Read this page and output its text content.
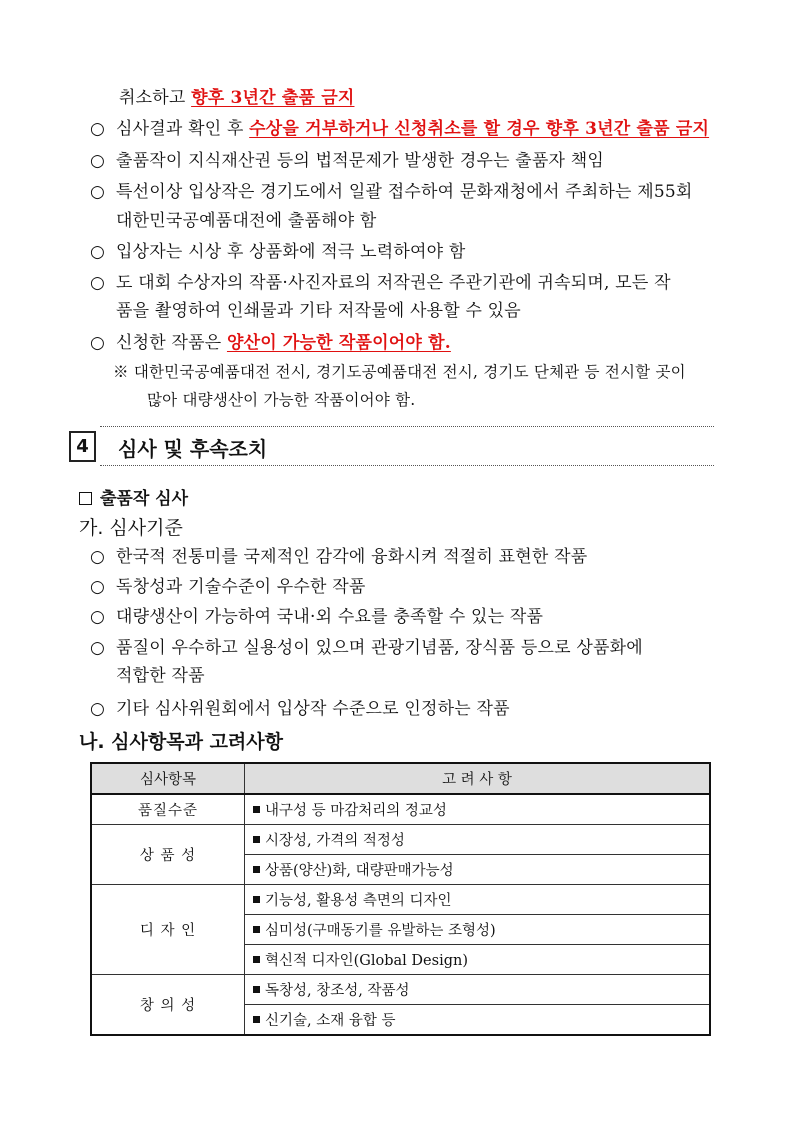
취소하고 향후 3년간 출품 금지
○ 심사결과 확인 후 수상을 거부하거나 신청취소를 할 경우 향후 3년간 출품 금지
○ 출품작이 지식재산권 등의 법적문제가 발생한 경우는 출품자 책임
○ 특선이상 입상작은 경기도에서 일괄 접수하여 문화재청에서 주최하는 제55회
대한민국공예품대전에 출품해야 함
○ 입상자는 시상 후 상품화에 적극 노력하여야 함
○ 도 대회 수상자의 작품·사진자료의 저작권은 주관기관에 귀속되며, 모든 작
품을 촬영하여 인쇄물과 기타 저작물에 사용할 수 있음
○ 신청한 작품은 양산이 가능한 작품이어야 함.
※ 대한민국공예품대전 전시, 경기도공예품대전 전시, 경기도 단체관 등 전시할 곳이
많아 대량생산이 가능한 작품이어야 함.
4	심사 및 후속조치
출품작 심사
가. 심사기준
○ 한국적 전통미를 국제적인 감각에 융화시켜 적절히 표현한 작품
○ 독창성과 기술수준이 우수한 작품
○ 대량생산이 가능하여 국내·외 수요를 충족할 수 있는 작품
○ 품질이 우수하고 실용성이 있으며 관광기념품, 장식품 등으로 상품화에
적합한 작품
○ 기타 심사위원회에서 입상작 수준으로 인정하는 작품
나. 심사항목과 고려사항
심사항목	고 려 사 항
품질수준	내구성 등 마감처리의 정교성
상 품 성	시장성, 가격의 적정성
	상품(양산)화, 대량판매가능성
디 자 인	기능성, 활용성 측면의 디자인
	심미성(구매동기를 유발하는 조형성)
	혁신적 디자인(Global Design)
창 의 성	독창성, 창조성, 작품성
	신기술, 소재 융합 등
